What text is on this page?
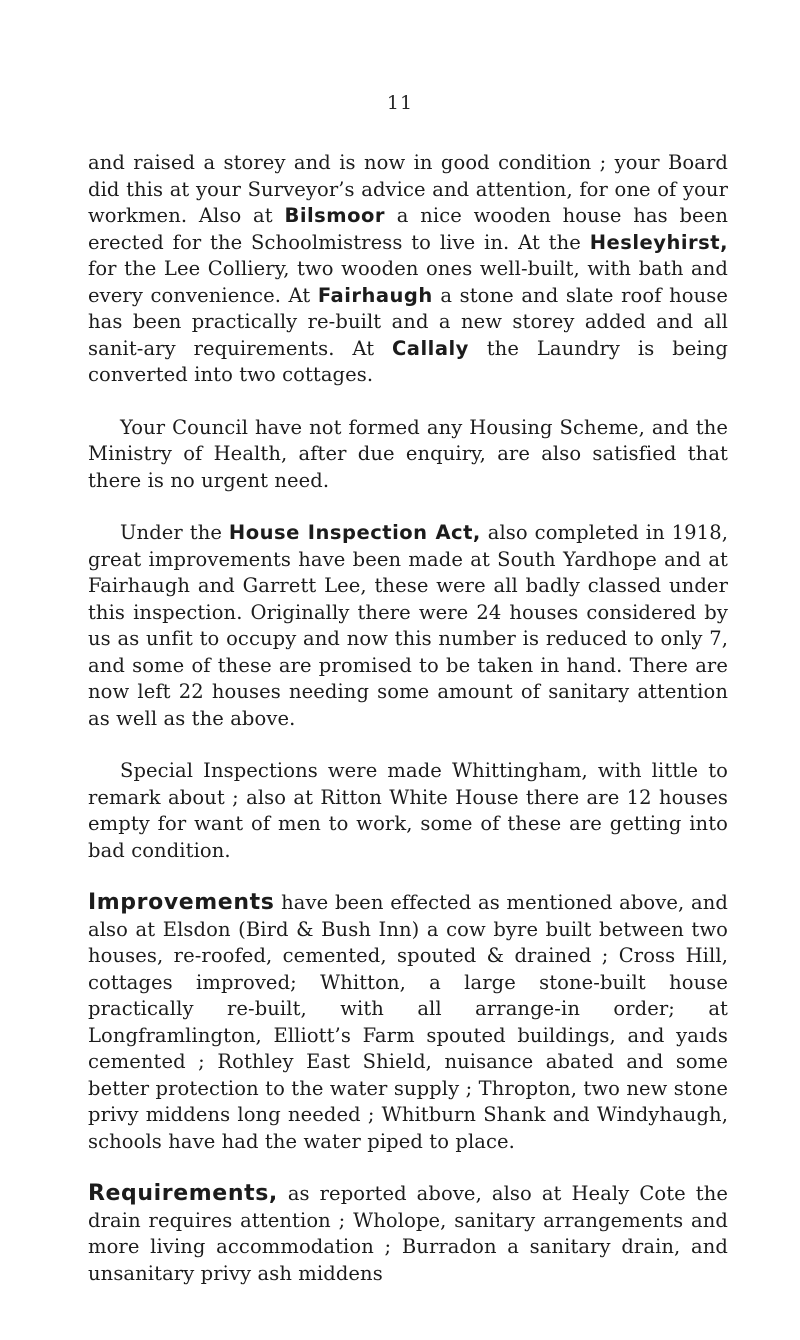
11

and raised a storey and is now in good condition ; your Board did this at your Surveyor’s advice and attention, for one of your workmen. Also at Bilsmoor a nice wooden house has been erected for the Schoolmistress to live in. At the Hesleyhirst, for the Lee Colliery, two wooden ones well-built, with bath and every convenience. At Fairhaugh a stone and slate roof house has been practically re-built and a new storey added and all sanit-ary requirements. At Callaly the Laundry is being converted into two cottages.

Your Council have not formed any Housing Scheme, and the Ministry of Health, after due enquiry, are also satisfied that there is no urgent need.

Under the House Inspection Act, also completed in 1918, great improvements have been made at South Yardhope and at Fairhaugh and Garrett Lee, these were all badly classed under this inspection. Originally there were 24 houses considered by us as unfit to occupy and now this number is reduced to only 7, and some of these are promised to be taken in hand. There are now left 22 houses needing some amount of sanitary attention as well as the above.

Special Inspections were made Whittingham, with little to remark about ; also at Ritton White House there are 12 houses empty for want of men to work, some of these are getting into bad condition.

Improvements have been effected as mentioned above, and also at Elsdon (Bird & Bush Inn) a cow byre built between two houses, re-roofed, cemented, spouted & drained ; Cross Hill, cottages improved; Whitton, a large stone-built house practically re-built, with all arrange-in order; at Longframlington, Elliott’s Farm spouted buildings, and yaıds cemented ; Rothley East Shield, nuisance abated and some better protection to the water supply ; Thropton, two new stone privy middens long needed ; Whitburn Shank and Windyhaugh, schools have had the water piped to place.

Requirements, as reported above, also at Healy Cote the drain requires attention ; Wholope, sanitary arrangements and more living accommodation ; Burradon a sanitary drain, and unsanitary privy ash middens
